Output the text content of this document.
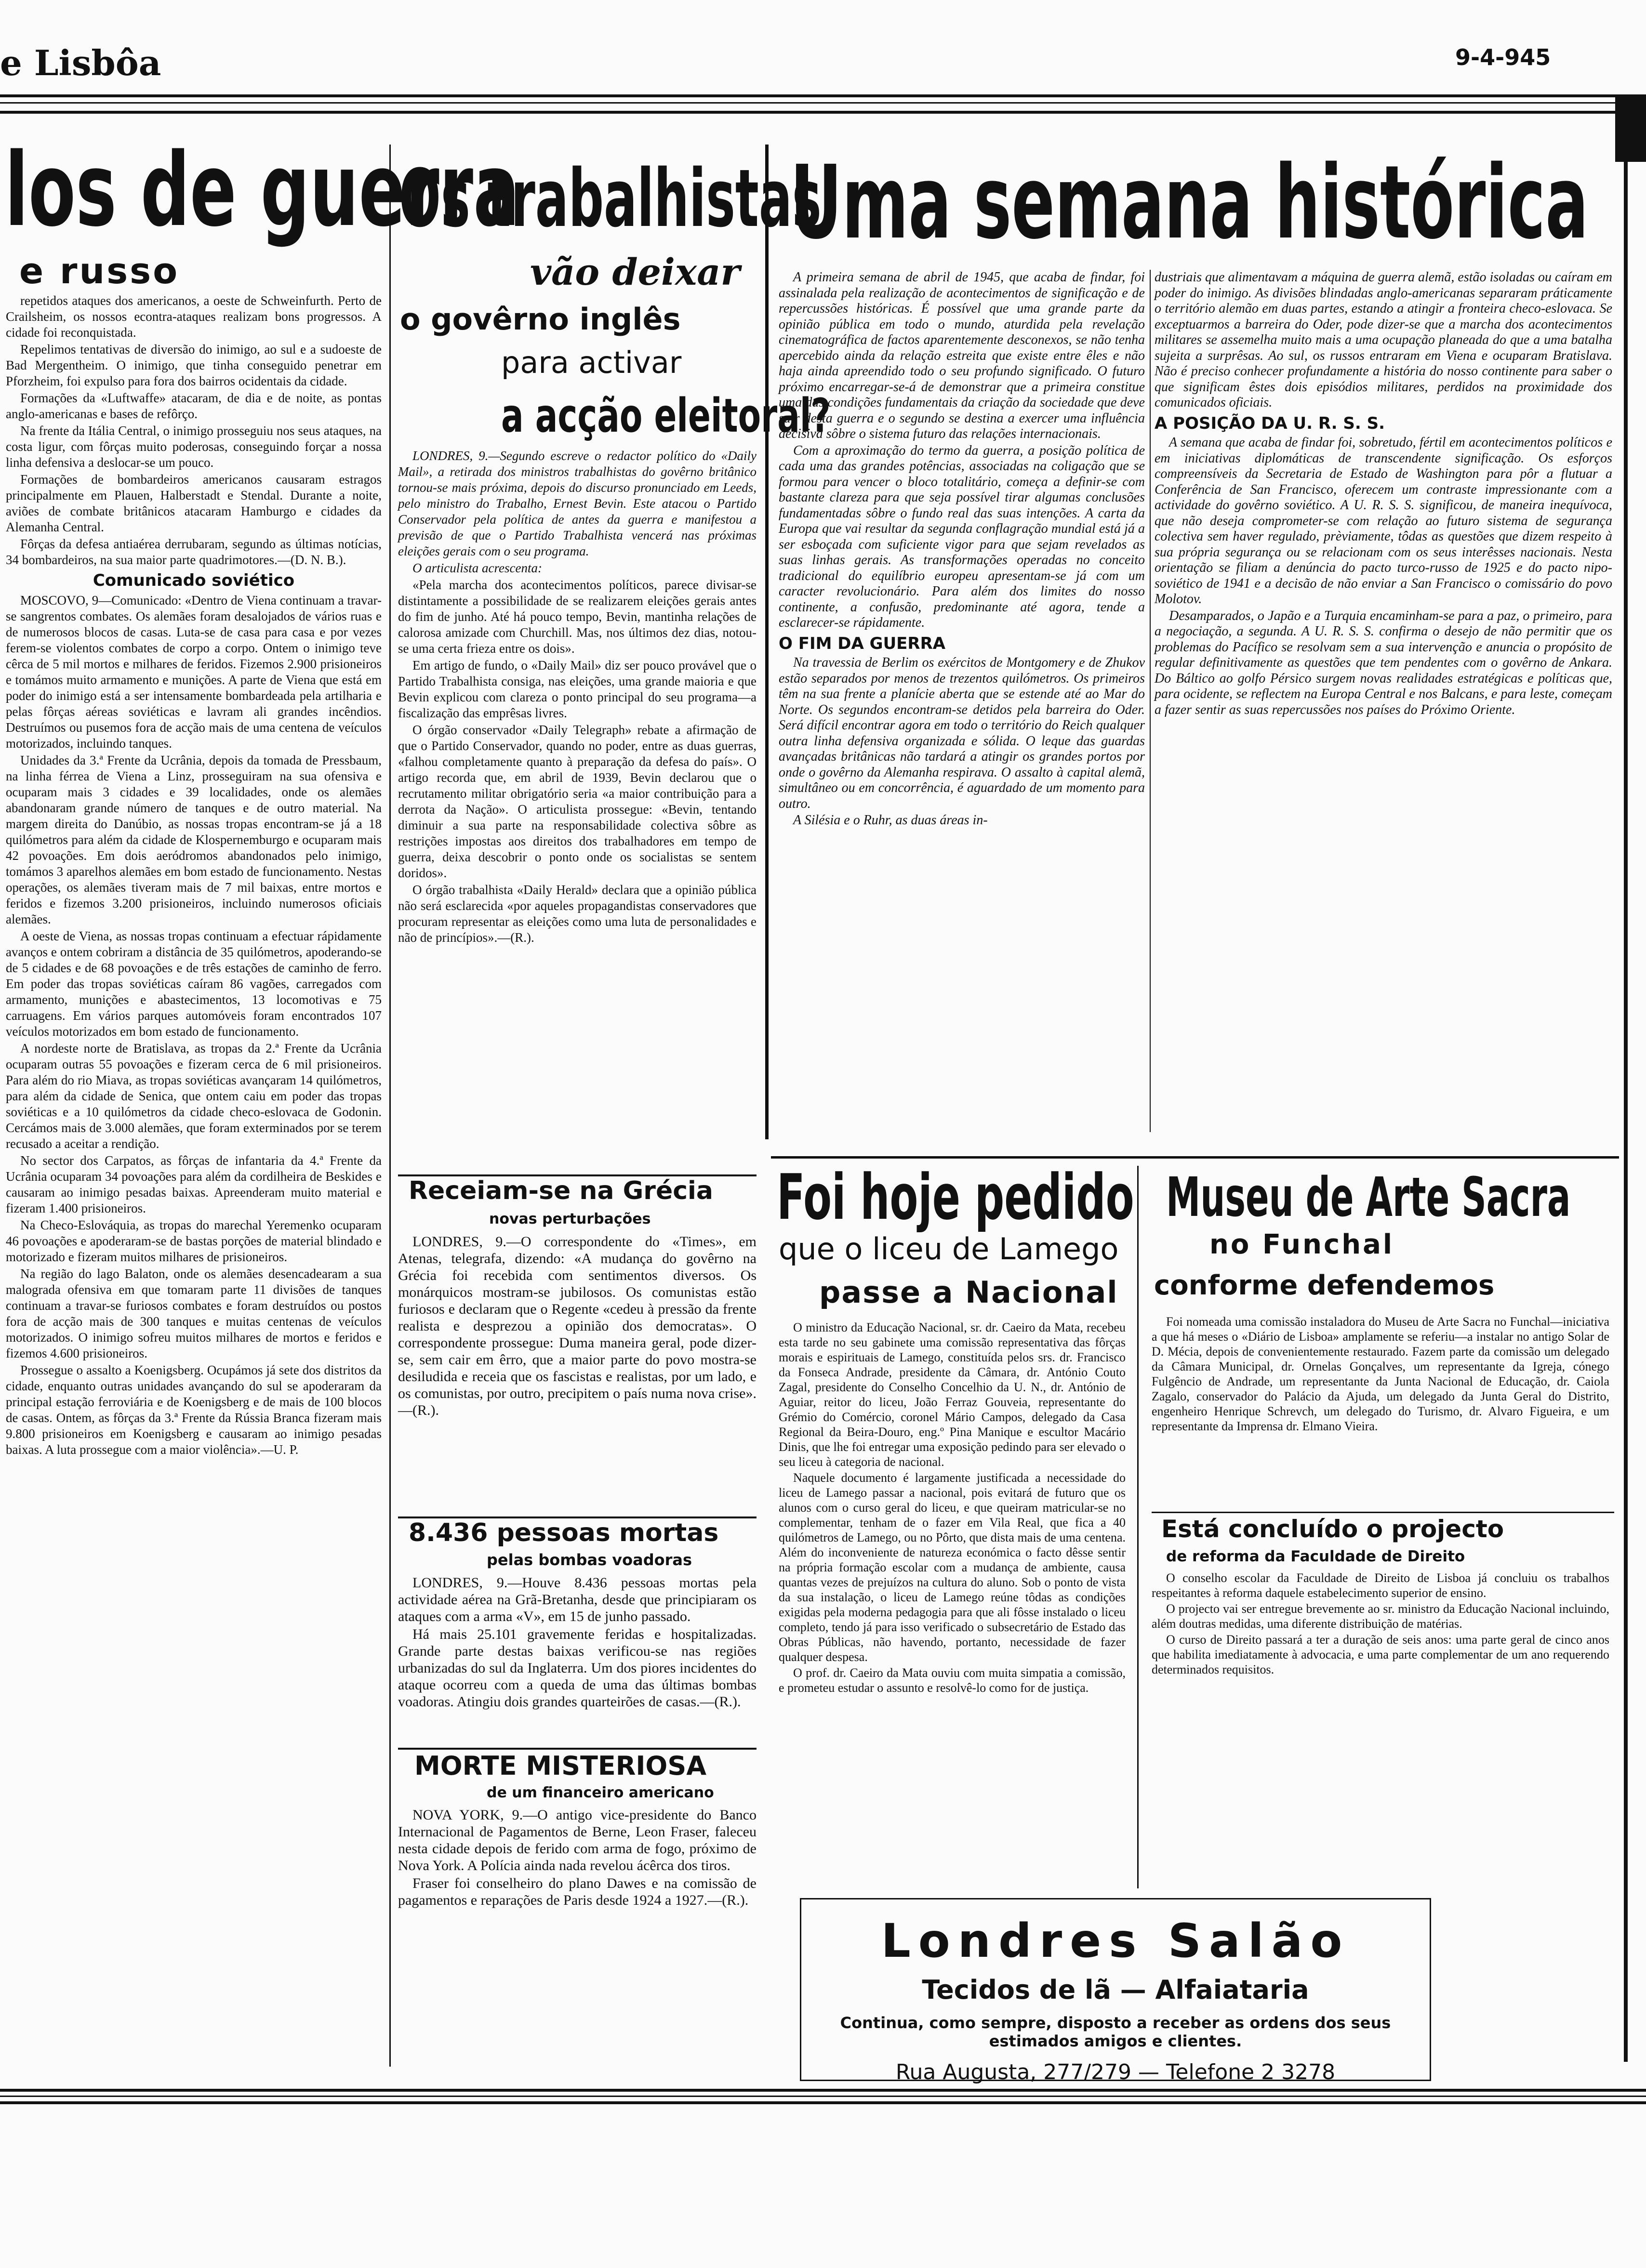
e Lisbôa	9-4-945
los de guerra
e russo

repetidos ataques dos americanos, a oeste de Schweinfurth. Perto de Crailsheim, os nossos econtra-ataques realizam bons progressos. A cidade foi reconquistada.

Repelimos tentativas de diversão do inimigo, ao sul e a sudoeste de Bad Mergentheim. O inimigo, que tinha conseguido penetrar em Pforzheim, foi expulso para fora dos bairros ocidentais da cidade.

Formações da «Luftwaffe» atacaram, de dia e de noite, as pontas anglo-americanas e bases de refôrço.

Na frente da Itália Central, o inimigo prosseguiu nos seus ataques, na costa ligur, com fôrças muito poderosas, conseguindo forçar a nossa linha defensiva a deslocar-se um pouco.

Formações de bombardeiros americanos causaram estragos principalmente em Plauen, Halberstadt e Stendal. Durante a noite, aviões de combate britânicos atacaram Hamburgo e cidades da Alemanha Central.

Fôrças da defesa antiaérea derrubaram, segundo as últimas notícias, 34 bombardeiros, na sua maior parte quadrimotores.—(D. N. B.).

Comunicado soviético

MOSCOVO, 9—Comunicado: «Dentro de Viena continuam a travar-se sangrentos combates. Os alemães foram desalojados de vários ruas e de numerosos blocos de casas. Luta-se de casa para casa e por vezes ferem-se violentos combates de corpo a corpo. Ontem o inimigo teve cêrca de 5 mil mortos e milhares de feridos. Fizemos 2.900 prisioneiros e tomámos muito armamento e munições. A parte de Viena que está em poder do inimigo está a ser intensamente bombardeada pela artilharia e pelas fôrças aéreas soviéticas e lavram ali grandes incêndios. Destruímos ou pusemos fora de acção mais de uma centena de veículos motorizados, incluindo tanques.

Unidades da 3.ª Frente da Ucrânia, depois da tomada de Pressbaum, na linha férrea de Viena a Linz, prosseguiram na sua ofensiva e ocuparam mais 3 cidades e 39 localidades, onde os alemães abandonaram grande número de tanques e de outro material. Na margem direita do Danúbio, as nossas tropas encontram-se já a 18 quilómetros para além da cidade de Klospernemburgo e ocuparam mais 42 povoações. Em dois aeródromos abandonados pelo inimigo, tomámos 3 aparelhos alemães em bom estado de funcionamento. Nestas operações, os alemães tiveram mais de 7 mil baixas, entre mortos e feridos e fizemos 3.200 prisioneiros, incluindo numerosos oficiais alemães.

A oeste de Viena, as nossas tropas continuam a efectuar rápidamente avanços e ontem cobriram a distância de 35 quilómetros, apoderando-se de 5 cidades e de 68 povoações e de três estações de caminho de ferro. Em poder das tropas soviéticas caíram 86 vagões, carregados com armamento, munições e abastecimentos, 13 locomotivas e 75 carruagens. Em vários parques automóveis foram encontrados 107 veículos motorizados em bom estado de funcionamento.

A nordeste norte de Bratislava, as tropas da 2.ª Frente da Ucrânia ocuparam outras 55 povoações e fizeram cerca de 6 mil prisioneiros. Para além do rio Miava, as tropas soviéticas avançaram 14 quilómetros, para além da cidade de Senica, que ontem caiu em poder das tropas soviéticas e a 10 quilómetros da cidade checo-eslovaca de Godonin. Cercámos mais de 3.000 alemães, que foram exterminados por se terem recusado a aceitar a rendição.

No sector dos Carpatos, as fôrças de infantaria da 4.ª Frente da Ucrânia ocuparam 34 povoações para além da cordilheira de Beskides e causaram ao inimigo pesadas baixas. Apreenderam muito material e fizeram 1.400 prisioneiros.

Na Checo-Eslováquia, as tropas do marechal Yeremenko ocuparam 46 povoações e apoderaram-se de bastas porções de material blindado e motorizado e fizeram muitos milhares de prisioneiros.

Na região do lago Balaton, onde os alemães desencadearam a sua malograda ofensiva em que tomaram parte 11 divisões de tanques continuam a travar-se furiosos combates e foram destruídos ou postos fora de acção mais de 300 tanques e muitas centenas de veículos motorizados. O inimigo sofreu muitos milhares de mortos e feridos e fizemos 4.600 prisioneiros.

Prossegue o assalto a Koenigsberg. Ocupámos já sete dos distritos da cidade, enquanto outras unidades avançando do sul se apoderaram da principal estação ferroviária e de Koenigsberg e de mais de 100 blocos de casas. Ontem, as fôrças da 3.ª Frente da Rússia Branca fizeram mais 9.800 prisioneiros em Koenigsberg e causaram ao inimigo pesadas baixas. A luta prossegue com a maior violência».—U. P.

Os trabalhistas
vão deixar
o govêrno inglês
para activar
a acção eleitoral?

LONDRES, 9.—Segundo escreve o redactor político do «Daily Mail», a retirada dos ministros trabalhistas do govêrno britânico tornou-se mais próxima, depois do discurso pronunciado em Leeds, pelo ministro do Trabalho, Ernest Bevin. Este atacou o Partido Conservador pela política de antes da guerra e manifestou a previsão de que o Partido Trabalhista vencerá nas próximas eleições gerais com o seu programa.

O articulista acrescenta:

«Pela marcha dos acontecimentos políticos, parece divisar-se distintamente a possibilidade de se realizarem eleições gerais antes do fim de junho. Até há pouco tempo, Bevin, mantinha relações de calorosa amizade com Churchill. Mas, nos últimos dez dias, notou-se uma certa frieza entre os dois».

Em artigo de fundo, o «Daily Mail» diz ser pouco provável que o Partido Trabalhista consiga, nas eleições, uma grande maioria e que Bevin explicou com clareza o ponto principal do seu programa—a fiscalização das emprêsas livres.

O órgão conservador «Daily Telegraph» rebate a afirmação de que o Partido Conservador, quando no poder, entre as duas guerras, «falhou completamente quanto à preparação da defesa do país». O artigo recorda que, em abril de 1939, Bevin declarou que o recrutamento militar obrigatório seria «a maior contribuição para a derrota da Nação». O articulista prossegue: «Bevin, tentando diminuir a sua parte na responsabilidade colectiva sôbre as restrições impostas aos direitos dos trabalhadores em tempo de guerra, deixa descobrir o ponto onde os socialistas se sentem doridos».

O órgão trabalhista «Daily Herald» declara que a opinião pública não será esclarecida «por aqueles propagandistas conservadores que procuram representar as eleições como uma luta de personalidades e não de princípios».—(R.).

Receiam-se na Grécia
novas perturbações

LONDRES, 9.—O correspondente do «Times», em Atenas, telegrafa, dizendo: «A mudança do govêrno na Grécia foi recebida com sentimentos diversos. Os monárquicos mostram-se jubilosos. Os comunistas estão furiosos e declaram que o Regente «cedeu à pressão da frente realista e desprezou a opinião dos democratas». O correspondente prossegue: Duma maneira geral, pode dizer-se, sem cair em êrro, que a maior parte do povo mostra-se desiludida e receia que os fascistas e realistas, por um lado, e os comunistas, por outro, precipitem o país numa nova crise».—(R.).

8.436 pessoas mortas
pelas bombas voadoras

LONDRES, 9.—Houve 8.436 pessoas mortas pela actividade aérea na Grã-Bretanha, desde que principiaram os ataques com a arma «V», em 15 de junho passado.

Há mais 25.101 gravemente feridas e hospitalizadas. Grande parte destas baixas verificou-se nas regiões urbanizadas do sul da Inglaterra. Um dos piores incidentes do ataque ocorreu com a queda de uma das últimas bombas voadoras. Atingiu dois grandes quarteirões de casas.—(R.).

MORTE MISTERIOSA
de um financeiro americano

NOVA YORK, 9.—O antigo vice-presidente do Banco Internacional de Pagamentos de Berne, Leon Fraser, faleceu nesta cidade depois de ferido com arma de fogo, próximo de Nova York. A Polícia ainda nada revelou ácêrca dos tiros.

Fraser foi conselheiro do plano Dawes e na comissão de pagamentos e reparações de Paris desde 1924 a 1927.—(R.).

Uma semana histórica

A primeira semana de abril de 1945, que acaba de findar, foi assinalada pela realização de acontecimentos de significação e de repercussões históricas. É possível que uma grande parte da opinião pública em todo o mundo, aturdida pela revelação cinematográfica de factos aparentemente desconexos, se não tenha apercebido ainda da relação estreita que existe entre êles e não haja ainda apreendido todo o seu profundo significado. O futuro próximo encarregar-se-á de demonstrar que a primeira constitue uma das condições fundamentais da criação da sociedade que deve sair desta guerra e o segundo se destina a exercer uma influência decisiva sôbre o sistema futuro das relações internacionais.

Com a aproximação do termo da guerra, a posição política de cada uma das grandes potências, associadas na coligação que se formou para vencer o bloco totalitário, começa a definir-se com bastante clareza para que seja possível tirar algumas conclusões fundamentadas sôbre o fundo real das suas intenções. A carta da Europa que vai resultar da segunda conflagração mundial está já a ser esboçada com suficiente vigor para que sejam revelados as suas linhas gerais. As transformações operadas no conceito tradicional do equilíbrio europeu apresentam-se já com um caracter revolucionário. Para além dos limites do nosso continente, a confusão, predominante até agora, tende a esclarecer-se rápidamente.

O FIM DA GUERRA

Na travessia de Berlim os exércitos de Montgomery e de Zhukov estão separados por menos de trezentos quilómetros. Os primeiros têm na sua frente a planície aberta que se estende até ao Mar do Norte. Os segundos encontram-se detidos pela barreira do Oder. Será difícil encontrar agora em todo o território do Reich qualquer outra linha defensiva organizada e sólida. O leque das guardas avançadas britânicas não tardará a atingir os grandes portos por onde o govêrno da Alemanha respirava. O assalto à capital alemã, simultâneo ou em concorrência, é aguardado de um momento para outro.

A Silésia e o Ruhr, as duas áreas in-

dustriais que alimentavam a máquina de guerra alemã, estão isoladas ou caíram em poder do inimigo. As divisões blindadas anglo-americanas separaram práticamente o território alemão em duas partes, estando a atingir a fronteira checo-eslovaca. Se exceptuarmos a barreira do Oder, pode dizer-se que a marcha dos acontecimentos militares se assemelha muito mais a uma ocupação planeada do que a uma batalha sujeita a surprêsas. Ao sul, os russos entraram em Viena e ocuparam Bratislava. Não é preciso conhecer profundamente a história do nosso continente para saber o que significam êstes dois episódios militares, perdidos na proximidade dos comunicados oficiais.

A POSIÇÃO DA U. R. S. S.

A semana que acaba de findar foi, sobretudo, fértil em acontecimentos políticos e em iniciativas diplomáticas de transcendente significação. Os esforços compreensíveis da Secretaria de Estado de Washington para pôr a flutuar a Conferência de San Francisco, oferecem um contraste impressionante com a actividade do govêrno soviético. A U. R. S. S. significou, de maneira inequívoca, que não deseja comprometer-se com relação ao futuro sistema de segurança colectiva sem haver regulado, prèviamente, tôdas as questões que dizem respeito à sua própria segurança ou se relacionam com os seus interêsses nacionais. Nesta orientação se filiam a denúncia do pacto turco-russo de 1925 e do pacto nipo-soviético de 1941 e a decisão de não enviar a San Francisco o comissário do povo Molotov.

Desamparados, o Japão e a Turquia encaminham-se para a paz, o primeiro, para a negociação, a segunda. A U. R. S. S. confirma o desejo de não permitir que os problemas do Pacífico se resolvam sem a sua intervenção e anuncia o propósito de regular definitivamente as questões que tem pendentes com o govêrno de Ankara. Do Báltico ao golfo Pérsico surgem novas realidades estratégicas e políticas que, para ocidente, se reflectem na Europa Central e nos Balcans, e para leste, começam a fazer sentir as suas repercussões nos países do Próximo Oriente.

Foi hoje pedido
que o liceu de Lamego
passe a Nacional

O ministro da Educação Nacional, sr. dr. Caeiro da Mata, recebeu esta tarde no seu gabinete uma comissão representativa das fôrças morais e espirituais de Lamego, constituída pelos srs. dr. Francisco da Fonseca Andrade, presidente da Câmara, dr. António Couto Zagal, presidente do Conselho Concelhio da U. N., dr. António de Aguiar, reitor do liceu, João Ferraz Gouveia, representante do Grémio do Comércio, coronel Mário Campos, delegado da Casa Regional da Beira-Douro, eng.º Pina Manique e escultor Macário Dinis, que lhe foi entregar uma exposição pedindo para ser elevado o seu liceu à categoria de nacional.

Naquele documento é largamente justificada a necessidade do liceu de Lamego passar a nacional, pois evitará de futuro que os alunos com o curso geral do liceu, e que queiram matricular-se no complementar, tenham de o fazer em Vila Real, que fica a 40 quilómetros de Lamego, ou no Pôrto, que dista mais de uma centena. Além do inconveniente de natureza económica o facto dêsse sentir na própria formação escolar com a mudança de ambiente, causa quantas vezes de prejuízos na cultura do aluno. Sob o ponto de vista da sua instalação, o liceu de Lamego reúne tôdas as condições exigidas pela moderna pedagogia para que ali fôsse instalado o liceu completo, tendo já para isso verificado o subsecretário de Estado das Obras Públicas, não havendo, portanto, necessidade de fazer qualquer despesa.

O prof. dr. Caeiro da Mata ouviu com muita simpatia a comissão, e prometeu estudar o assunto e resolvê-lo como for de justiça.

Museu de Arte Sacra
no Funchal
conforme defendemos

Foi nomeada uma comissão instaladora do Museu de Arte Sacra no Funchal—iniciativa a que há meses o «Diário de Lisboa» amplamente se referiu—a instalar no antigo Solar de D. Mécia, depois de convenientemente restaurado. Fazem parte da comissão um delegado da Câmara Municipal, dr. Ornelas Gonçalves, um representante da Igreja, cónego Fulgêncio de Andrade, um representante da Junta Nacional de Educação, dr. Caiola Zagalo, conservador do Palácio da Ajuda, um delegado da Junta Geral do Distrito, engenheiro Henrique Schrevch, um delegado do Turismo, dr. Alvaro Figueira, e um representante da Imprensa dr. Elmano Vieira.

Está concluído o projecto
de reforma da Faculdade de Direito

O conselho escolar da Faculdade de Direito de Lisboa já concluiu os trabalhos respeitantes à reforma daquele estabelecimento superior de ensino.

O projecto vai ser entregue brevemente ao sr. ministro da Educação Nacional incluindo, além doutras medidas, uma diferente distribuição de matérias.

O curso de Direito passará a ter a duração de seis anos: uma parte geral de cinco anos que habilita imediatamente à advocacia, e uma parte complementar de um ano requerendo determinados requisitos.

Londres Salão
Tecidos de lã — Alfaiataria
Continua, como sempre, disposto a receber as ordens dos seus
estimados amigos e clientes.
Rua Augusta, 277/279 — Telefone 2 3278
